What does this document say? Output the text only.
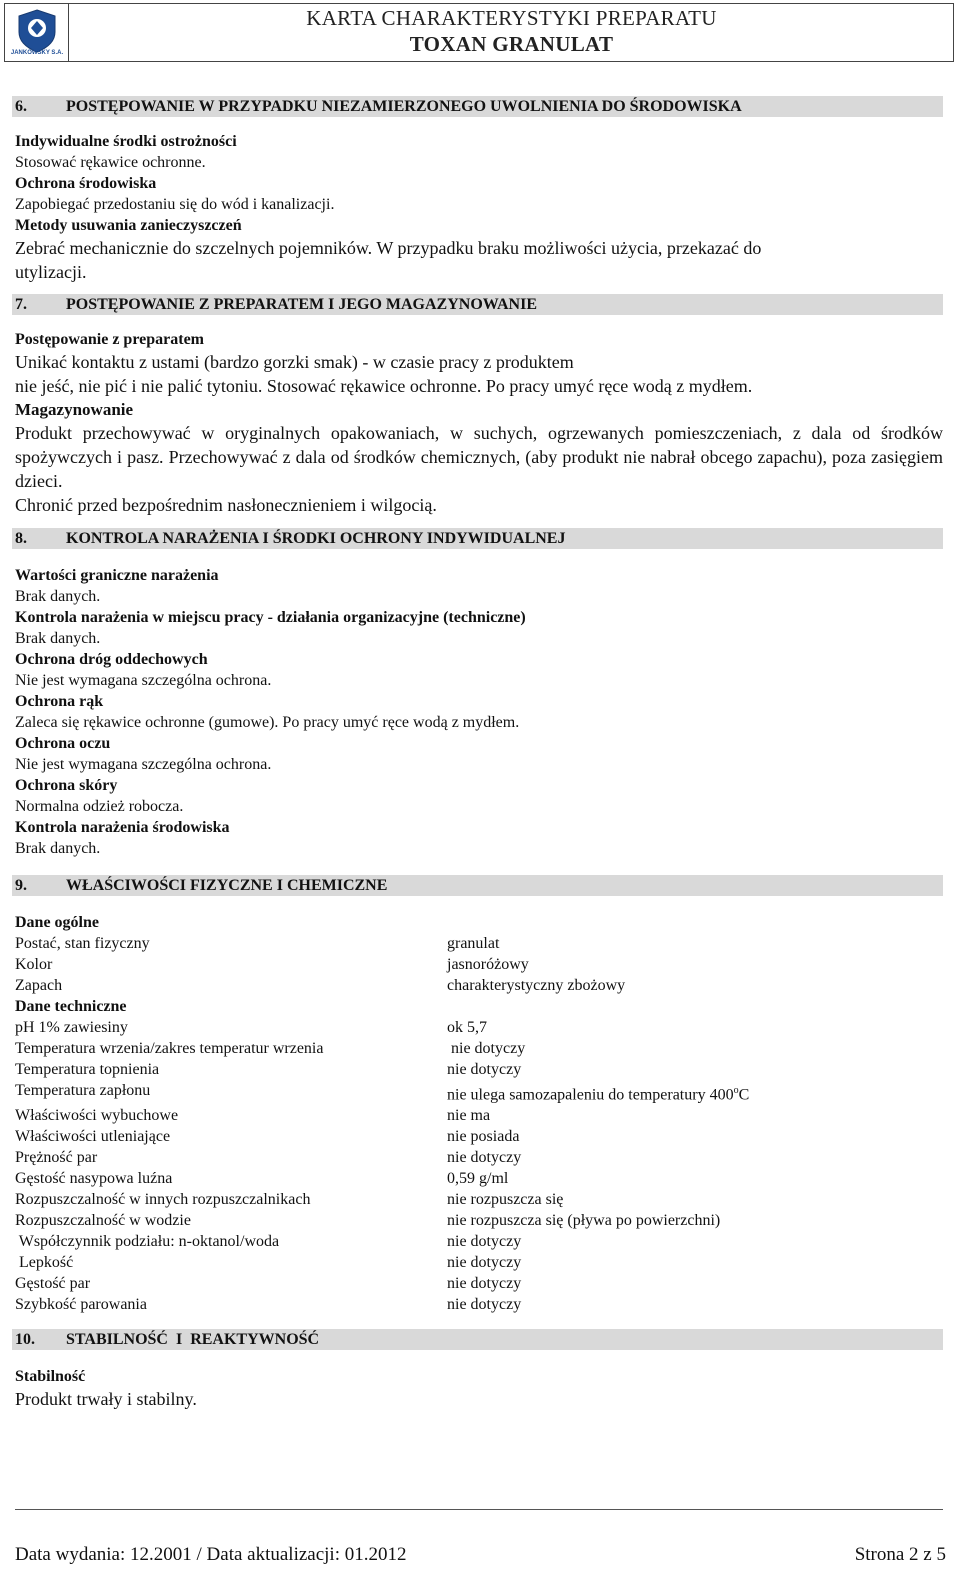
JANKOWSKY S.A.
KARTA CHARAKTERYSTYKI PREPARATU
TOXAN GRANULAT
6.	POSTĘPOWANIE W PRZYPADKU NIEZAMIERZONEGO UWOLNIENIA DO ŚRODOWISKA
Indywidualne środki ostrożności
Stosować rękawice ochronne.
Ochrona środowiska
Zapobiegać przedostaniu się do wód i kanalizacji.
Metody usuwania zanieczyszczeń
Zebrać mechanicznie do szczelnych pojemników. W przypadku braku możliwości użycia, przekazać do
utylizacji.
7.	POSTĘPOWANIE Z PREPARATEM I JEGO MAGAZYNOWANIE
Postępowanie z preparatem
Unikać kontaktu z ustami (bardzo gorzki smak) - w czasie pracy z produktem
nie jeść, nie pić i nie palić tytoniu. Stosować rękawice ochronne. Po pracy umyć ręce wodą z mydłem.
Magazynowanie
Produkt przechowywać w oryginalnych opakowaniach, w suchych, ogrzewanych pomieszczeniach, z dala od środków spożywczych i pasz. Przechowywać z dala od środków chemicznych, (aby produkt nie nabrał obcego zapachu), poza zasięgiem dzieci.
Chronić przed bezpośrednim nasłonecznieniem i wilgocią.
8.	KONTROLA NARAŻENIA I ŚRODKI OCHRONY INDYWIDUALNEJ
Wartości graniczne narażenia
Brak danych.
Kontrola narażenia w miejscu pracy - działania organizacyjne (techniczne)
Brak danych.
Ochrona dróg oddechowych
Nie jest wymagana szczególna ochrona.
Ochrona rąk
Zaleca się rękawice ochronne (gumowe). Po pracy umyć ręce wodą z mydłem.
Ochrona oczu
Nie jest wymagana szczególna ochrona.
Ochrona skóry
Normalna odzież robocza.
Kontrola narażenia środowiska
Brak danych.
9.	WŁAŚCIWOŚCI FIZYCZNE I CHEMICZNE
Dane ogólne
Postać, stan fizyczny	granulat
Kolor	jasnoróżowy
Zapach	charakterystyczny zbożowy
Dane techniczne
pH 1% zawiesiny	ok 5,7
Temperatura wrzenia/zakres temperatur wrzenia	nie dotyczy
Temperatura topnienia	nie dotyczy
Temperatura zapłonu	nie ulega samozapaleniu do temperatury 400$^o$C
Właściwości wybuchowe	nie ma
Właściwości utleniające	nie posiada
Prężność par	nie dotyczy
Gęstość nasypowa luźna	0,59 g/ml
Rozpuszczalność w innych rozpuszczalnikach	nie rozpuszcza się
Rozpuszczalność w wodzie	nie rozpuszcza się (pływa po powierzchni)
Współczynnik podziału: n-oktanol/woda	nie dotyczy
Lepkość	nie dotyczy
Gęstość par	nie dotyczy
Szybkość parowania	nie dotyczy
10.	STABILNOŚĆ  I  REAKTYWNOŚĆ
Stabilność
Produkt trwały i stabilny.
Data wydania: 12.2001 / Data aktualizacji: 01.2012	Strona 2 z 5
